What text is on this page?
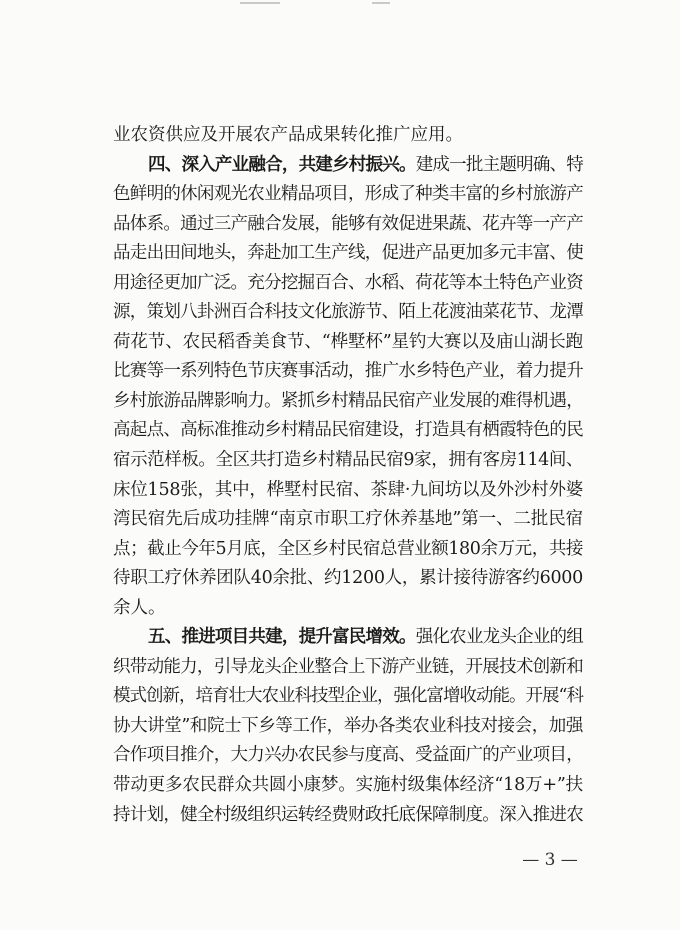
业农资供应及开展农产品成果转化推广应用。
四、深入产业融合，共建乡村振兴。建成一批主题明确、特
色鲜明的休闲观光农业精品项目，形成了种类丰富的乡村旅游产
品体系。通过三产融合发展，能够有效促进果蔬、花卉等一产产
品走出田间地头，奔赴加工生产线，促进产品更加多元丰富、使
用途径更加广泛。充分挖掘百合、水稻、荷花等本土特色产业资
源，策划八卦洲百合科技文化旅游节、陌上花渡油菜花节、龙潭
荷花节、农民稻香美食节、“桦墅杯”星钓大赛以及庙山湖长跑
比赛等一系列特色节庆赛事活动，推广水乡特色产业，着力提升
乡村旅游品牌影响力。紧抓乡村精品民宿产业发展的难得机遇，
高起点、高标准推动乡村精品民宿建设，打造具有栖霞特色的民
宿示范样板。全区共打造乡村精品民宿9家，拥有客房114间、
床位158张，其中，桦墅村民宿、茶肆·九间坊以及外沙村外婆
湾民宿先后成功挂牌“南京市职工疗休养基地”第一、二批民宿
点；截止今年5月底，全区乡村民宿总营业额180余万元，共接
待职工疗休养团队40余批、约1200人，累计接待游客约6000
余人。
五、推进项目共建，提升富民增效。强化农业龙头企业的组
织带动能力，引导龙头企业整合上下游产业链，开展技术创新和
模式创新，培育壮大农业科技型企业，强化富增收动能。开展“科
协大讲堂”和院士下乡等工作，举办各类农业科技对接会，加强
合作项目推介，大力兴办农民参与度高、受益面广的产业项目，
带动更多农民群众共圆小康梦。实施村级集体经济“18万+”扶
持计划，健全村级组织运转经费财政托底保障制度。深入推进农
— 3 —
